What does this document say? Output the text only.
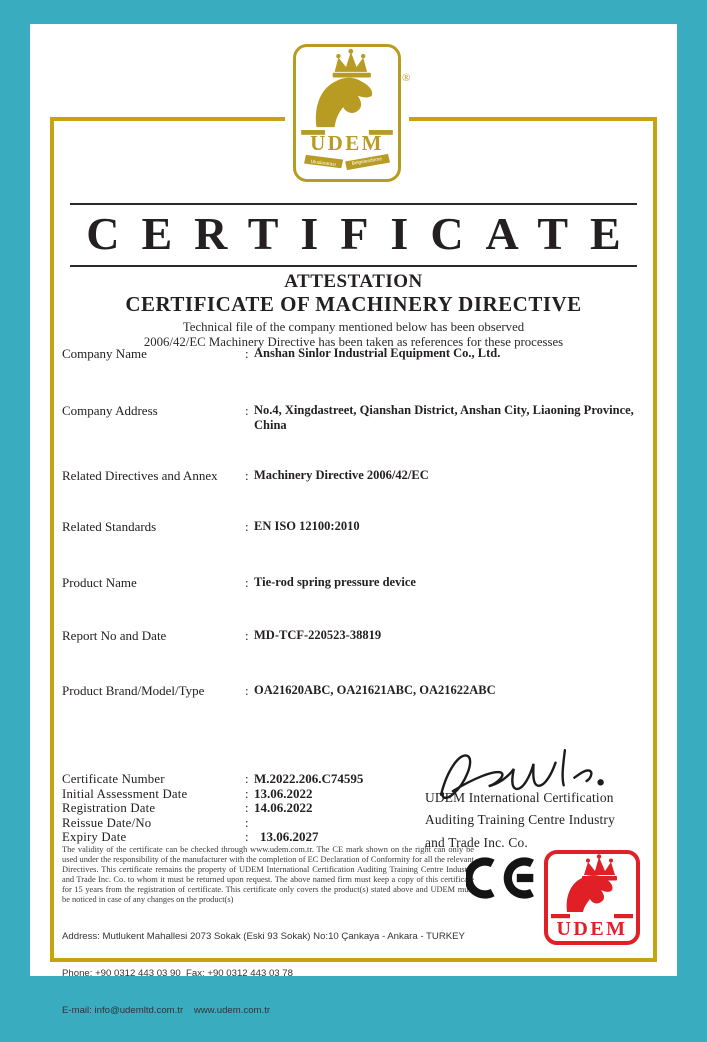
UDEM
Uluslararası	Belgelendirme
®
CERTIFICATE
ATTESTATION
CERTIFICATE OF MACHINERY DIRECTIVE
Technical file of the company mentioned below has been observed
2006/42/EC Machinery Directive has been taken as references for these processes
Company Name	: Anshan Sinlor Industrial Equipment Co., Ltd.
Company Address	: No.4, Xingdastreet, Qianshan District, Anshan City, Liaoning Province, China
Related Directives and Annex	: Machinery Directive 2006/42/EC
Related Standards	: EN ISO 12100:2010
Product Name	: Tie-rod spring pressure device
Report No and Date	: MD-TCF-220523-38819
Product Brand/Model/Type	: OA21620ABC, OA21621ABC, OA21622ABC
Certificate Number	: M.2022.206.C74595
Initial Assessment Date	: 13.06.2022
Registration Date	: 14.06.2022
Reissue Date/No	:
Expiry Date	: 13.06.2027
UDEM International Certification
Auditing Training Centre Industry
and Trade Inc. Co.
The validity of the certificate can be checked through www.udem.com.tr. The CE mark shown on the right can only be used under the responsibility of the manufacturer with the completion of EC Declaration of Conformity for all the relevant Directives. This certificate remains the property of UDEM International Certification Auditing Training Centre Industry and Trade Inc. Co. to whom it must be returned upon request. The above named firm must keep a copy of this certificate for 15 years from the registration of certificate. This certificate only covers the product(s) stated above and UDEM must be noticed in case of any changes on the product(s)
UDEM

Address: Mutlukent Mahallesi 2073 Sokak (Eski 93 Sokak) No:10 Çankaya - Ankara - TURKEY

Phone: +90 0312 443 03 90  Fax: +90 0312 443 03 78

E-mail: info@udemltd.com.tr    www.udem.com.tr
